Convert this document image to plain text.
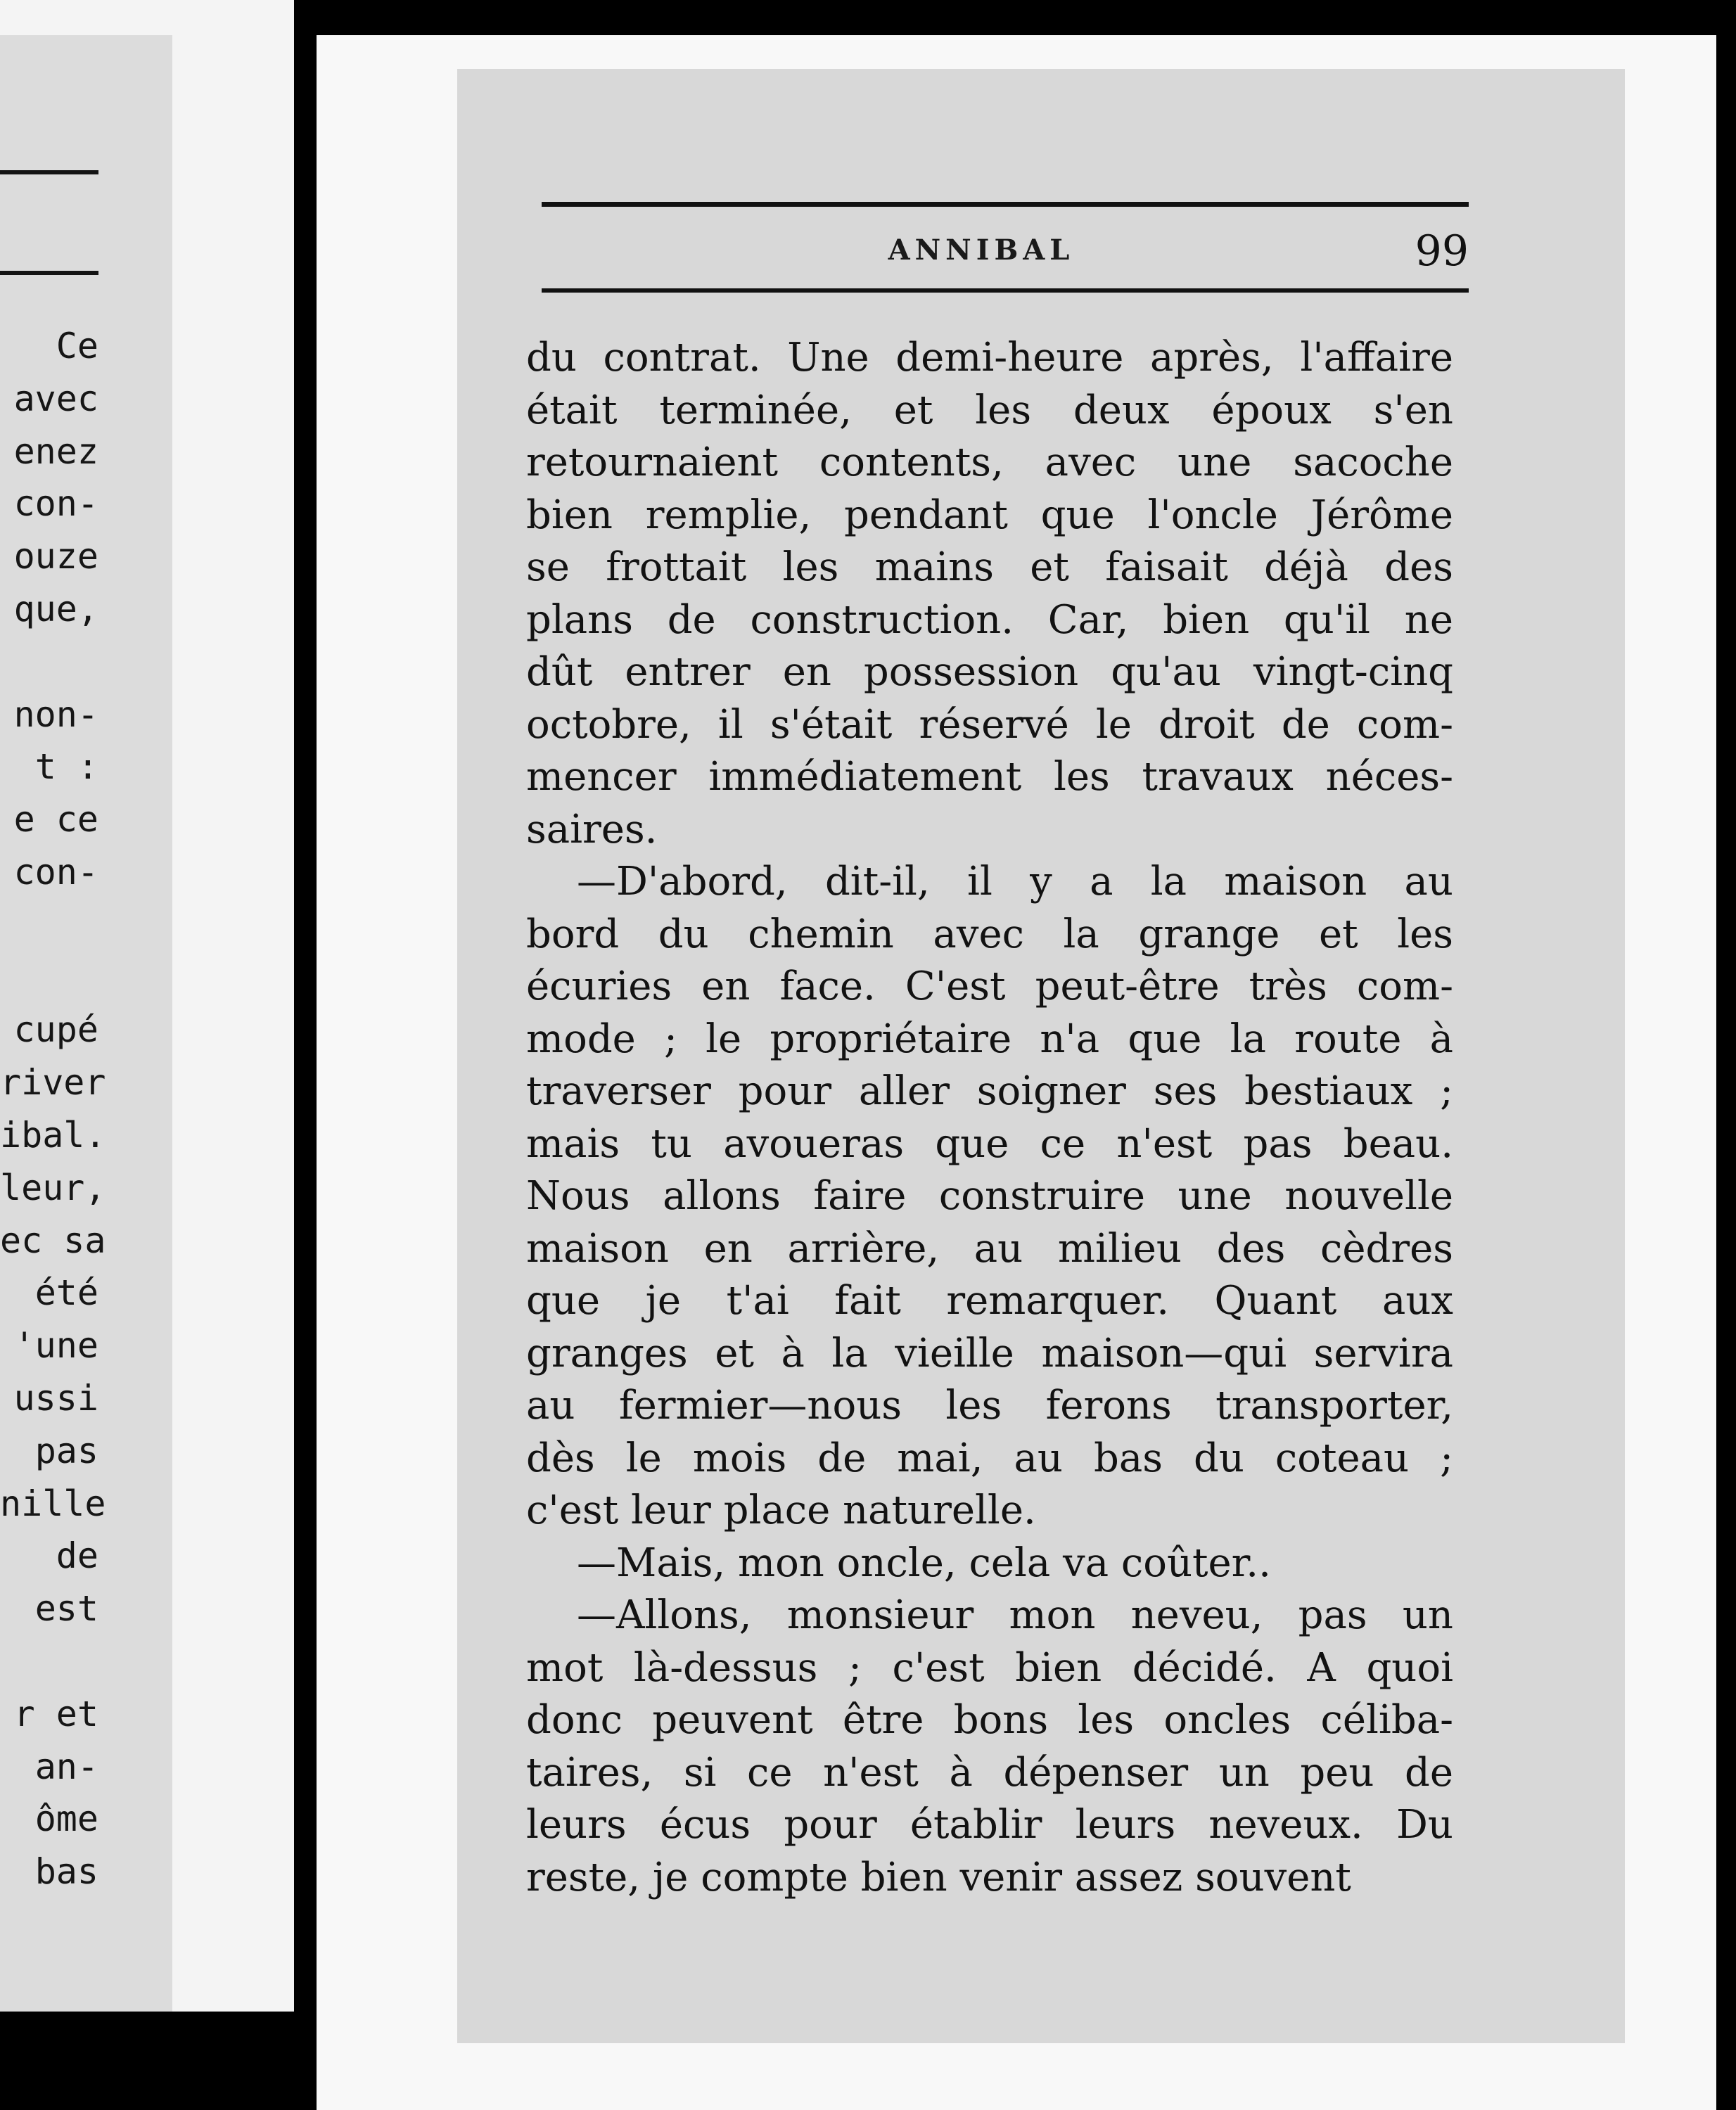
Ce
avec
enez
con-
ouze
que,

non-
t :
e ce
con-

cupé
river
ibal.
leur,
ec sa
été
'une
ussi
pas
nille
de
est

r et
an-
ôme
bas

ANNIBAL	99
du contrat. Une demi-heure après, l'affaire
était terminée, et les deux époux s'en
retournaient contents, avec une sacoche
bien remplie, pendant que l'oncle Jérôme
se frottait les mains et faisait déjà des
plans de construction. Car, bien qu'il ne
dût entrer en possession qu'au vingt-cinq
octobre, il s'était réservé le droit de com-
mencer immédiatement les travaux néces-
saires.
—D'abord, dit-il, il y a la maison au
bord du chemin avec la grange et les
écuries en face. C'est peut-être très com-
mode ; le propriétaire n'a que la route à
traverser pour aller soigner ses bestiaux ;
mais tu avoueras que ce n'est pas beau.
Nous allons faire construire une nouvelle
maison en arrière, au milieu des cèdres
que je t'ai fait remarquer. Quant aux
granges et à la vieille maison—qui servira
au fermier—nous les ferons transporter,
dès le mois de mai, au bas du coteau ;
c'est leur place naturelle.
—Mais, mon oncle, cela va coûter..
—Allons, monsieur mon neveu, pas un
mot là-dessus ; c'est bien décidé. A quoi
donc peuvent être bons les oncles céliba-
taires, si ce n'est à dépenser un peu de
leurs écus pour établir leurs neveux. Du
reste, je compte bien venir assez souvent
